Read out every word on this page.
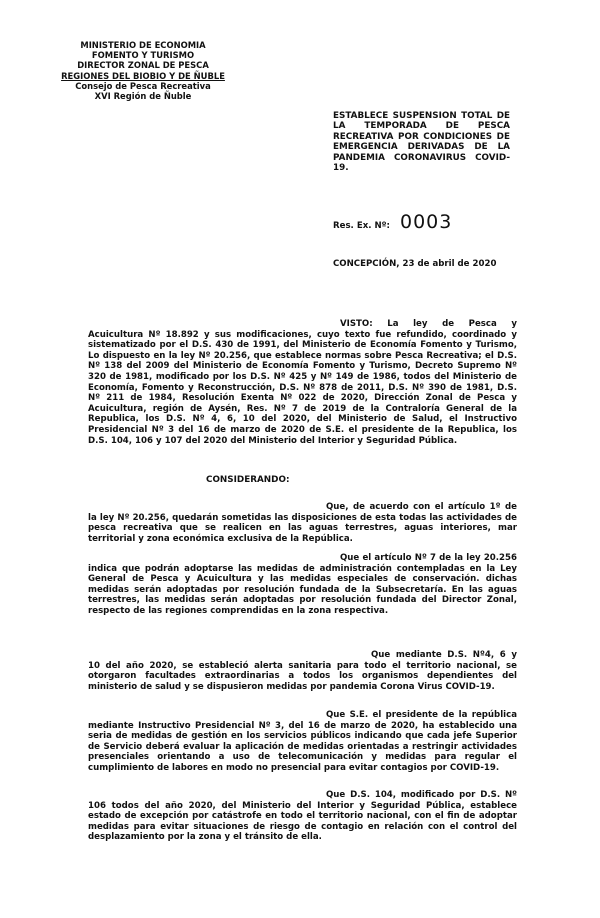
MINISTERIO DE ECONOMIA
FOMENTO Y TURISMO
DIRECTOR ZONAL DE PESCA
REGIONES DEL BIOBIO Y DE ÑUBLE
Consejo de Pesca Recreativa
XVI Región de Ñuble
ESTABLECE SUSPENSION TOTAL DE LA TEMPORADA DE PESCA RECREATIVA POR CONDICIONES DE EMERGENCIA DERIVADAS DE LA PANDEMIA CORONAVIRUS COVID-19.
Res. Ex. Nº: 0003
CONCEPCIÓN, 23 de abril de 2020
VISTO: La ley de Pesca y Acuicultura Nº 18.892 y sus modificaciones, cuyo texto fue refundido, coordinado y sistematizado por el D.S. 430 de 1991, del Ministerio de Economía Fomento y Turismo, Lo dispuesto en la ley Nº 20.256, que establece normas sobre Pesca Recreativa; el D.S. Nº 138 del 2009 del Ministerio de Economía Fomento y Turismo, Decreto Supremo Nº 320 de 1981, modificado por los D.S. Nº 425 y Nº 149 de 1986, todos del Ministerio de Economía, Fomento y Reconstrucción, D.S. Nº 878 de 2011, D.S. Nº 390 de 1981, D.S. Nº 211 de 1984, Resolución Exenta Nº 022 de 2020, Dirección Zonal de Pesca y Acuicultura, región de Aysén, Res. Nº 7 de 2019 de la Contraloría General de la Republica, los D.S. Nº 4, 6, 10 del 2020, del Ministerio de Salud, el Instructivo Presidencial Nº 3 del 16 de marzo de 2020 de S.E. el presidente de la Republica, los D.S. 104, 106 y 107 del 2020 del Ministerio del Interior y Seguridad Pública.
CONSIDERANDO:
Que, de acuerdo con el artículo 1º de la ley Nº 20.256, quedarán sometidas las disposiciones de esta todas las actividades de pesca recreativa que se realicen en las aguas terrestres, aguas interiores, mar territorial y zona económica exclusiva de la República.
Que el artículo Nº 7 de la ley 20.256 indica que podrán adoptarse las medidas de administración contempladas en la Ley General de Pesca y Acuicultura y las medidas especiales de conservación. dichas medidas serán adoptadas por resolución fundada de la Subsecretaría. En las aguas terrestres, las medidas serán adoptadas por resolución fundada del Director Zonal, respecto de las regiones comprendidas en la zona respectiva.
Que mediante D.S. Nº4, 6 y 10 del año 2020, se estableció alerta sanitaria para todo el territorio nacional, se otorgaron facultades extraordinarias a todos los organismos dependientes del ministerio de salud y se dispusieron medidas por pandemia Corona Virus COVID-19.
Que S.E. el presidente de la república mediante Instructivo Presidencial Nº 3, del 16 de marzo de 2020, ha establecido una seria de medidas de gestión en los servicios públicos indicando que cada jefe Superior de Servicio deberá evaluar la aplicación de medidas orientadas a restringir actividades presenciales orientando a uso de telecomunicación y medidas para regular el cumplimiento de labores en modo no presencial para evitar contagios por COVID-19.
Que D.S. 104, modificado por D.S. Nº 106 todos del año 2020, del Ministerio del Interior y Seguridad Pública, establece estado de excepción por catástrofe en todo el territorio nacional, con el fin de adoptar medidas para evitar situaciones de riesgo de contagio en relación con el control del desplazamiento por la zona y el tránsito de ella.
